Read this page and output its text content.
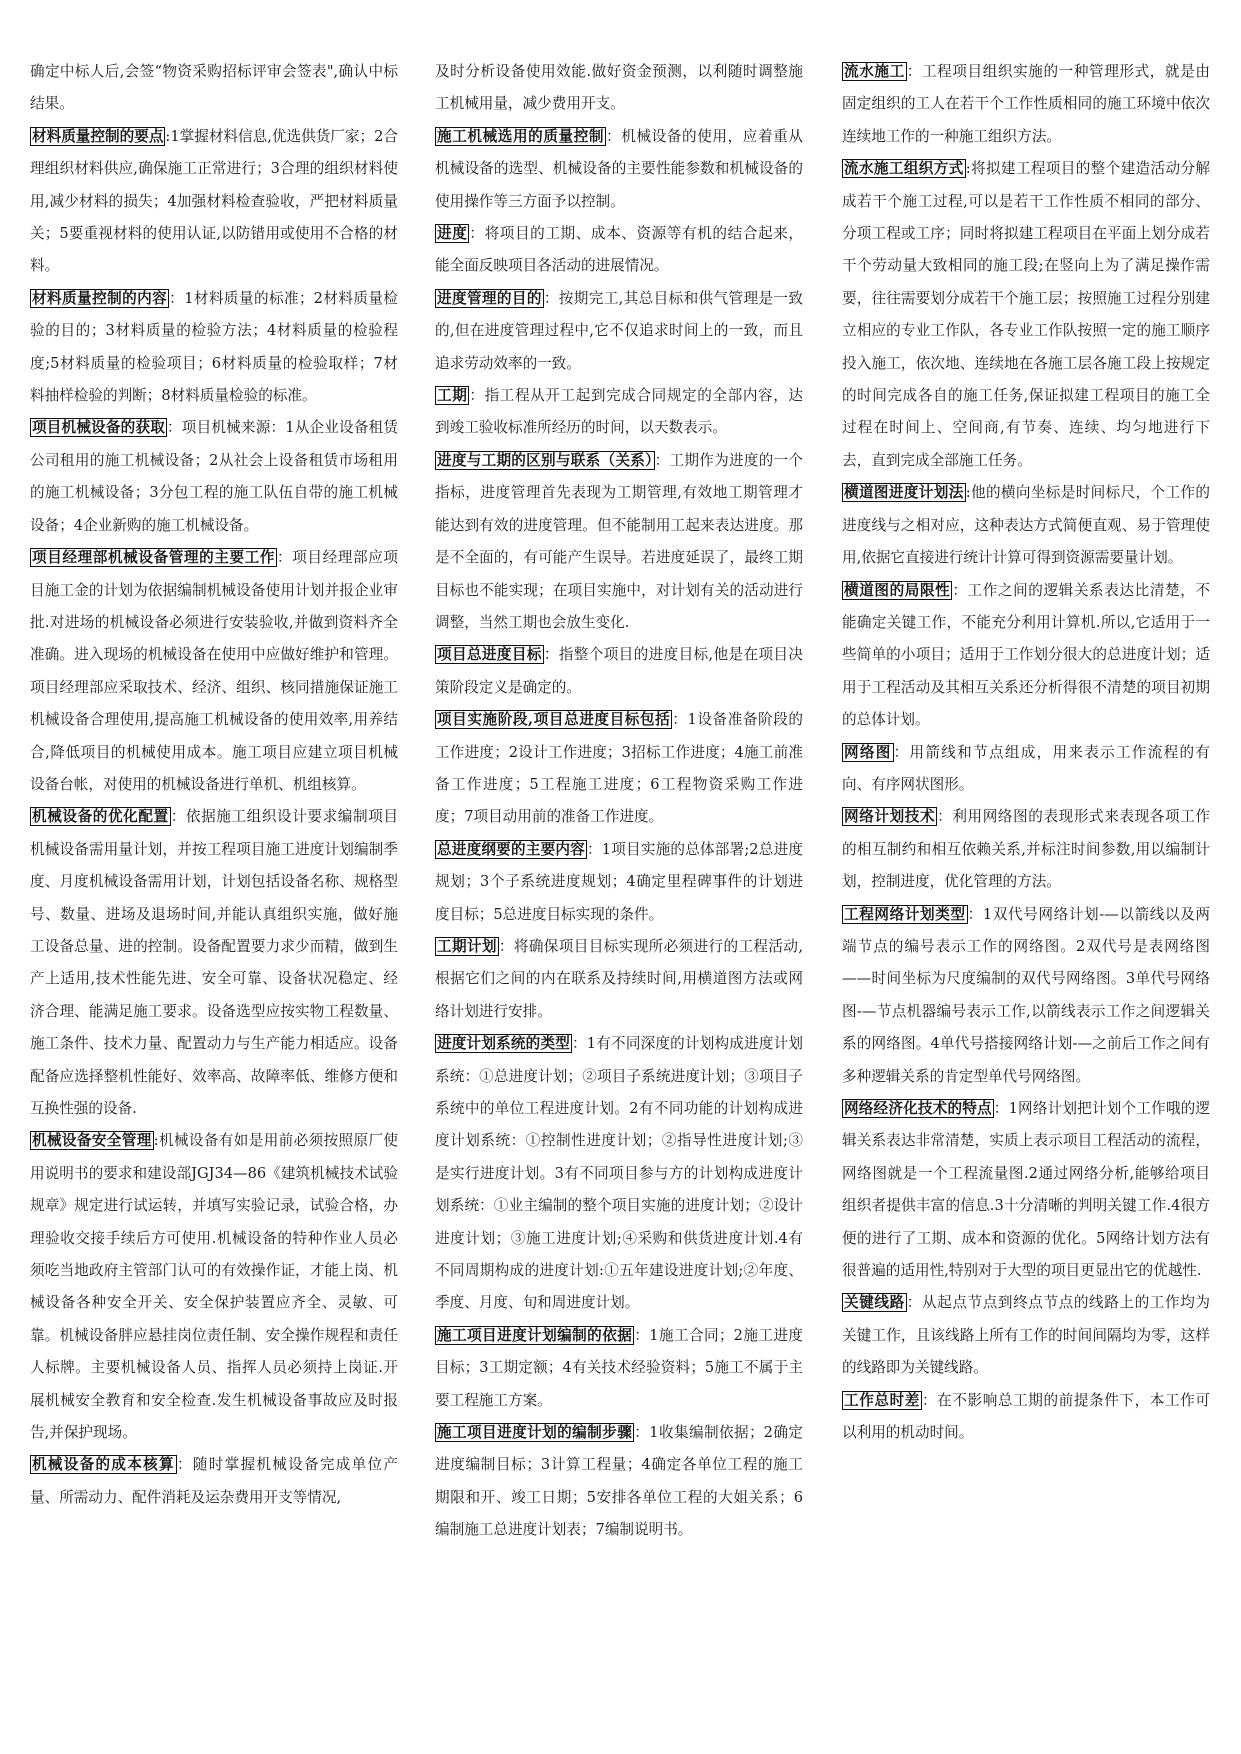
确定中标人后,会签“物资采购招标评审会签表",确认中标结果。

材料质量控制的要点 :1掌握材料信息,优选供货厂家；2合理组织材料供应,确保施工正常进行；3合理的组织材料使用,减少材料的损失；4加强材料检查验收，严把材料质量关；5要重视材料的使用认证,以防错用或使用不合格的材料。

材料质量控制的内容 ：1材料质量的标准；2材料质量检验的目的；3材料质量的检验方法；4材料质量的检验程度;5材料质量的检验项目；6材料质量的检验取样；7材料抽样检验的判断；8材料质量检验的标准。

项目机械设备的获取 ：项目机械来源：1从企业设备租赁公司租用的施工机械设备；2从社会上设备租赁市场租用的施工机械设备；3分包工程的施工队伍自带的施工机械设备；4企业新购的施工机械设备。

项目经理部机械设备管理的主要工作 ：项目经理部应项目施工金的计划为依据编制机械设备使用计划并报企业审批.对进场的机械设备必须进行安装验收,并做到资料齐全准确。进入现场的机械设备在使用中应做好维护和管理。项目经理部应采取技术、经济、组织、核同措施保证施工机械设备合理使用,提高施工机械设备的使用效率,用养结合,降低项目的机械使用成本。施工项目应建立项目机械设备台帐，对使用的机械设备进行单机、机组核算。

机械设备的优化配置 ：依据施工组织设计要求编制项目机械设备需用量计划，并按工程项目施工进度计划编制季度、月度机械设备需用计划，计划包括设备名称、规格型号、数量、进场及退场时间,并能认真组织实施，做好施工设备总量、进的控制。设备配置要力求少而精，做到生产上适用,技术性能先进、安全可靠、设备状况稳定、经济合理、能满足施工要求。设备选型应按实物工程数量、施工条件、技术力量、配置动力与生产能力相适应。设备配备应选择整机性能好、效率高、故障率低、维修方便和互换性强的设备.

机械设备安全管理 :机械设备有如是用前必须按照原厂使用说明书的要求和建设部JGJ34—86《建筑机械技术试验规章》规定进行试运转，并填写实验记录，试验合格，办理验收交接手续后方可使用.机械设备的特种作业人员必须吃当地政府主管部门认可的有效操作证，才能上岗、机械设备各种安全开关、安全保护装置应齐全、灵敏、可靠。机械设备胖应悬挂岗位责任制、安全操作规程和责任人标牌。主要机械设备人员、指挥人员必须持上岗证.开展机械安全教育和安全检查.发生机械设备事故应及时报告,并保护现场。

机械设备的成本核算 ：随时掌握机械设备完成单位产量、所需动力、配件消耗及运杂费用开支等情况,

及时分析设备使用效能.做好资金预测，以利随时调整施工机械用量，减少费用开支。

施工机械选用的质量控制 ：机械设备的使用，应着重从机械设备的选型、机械设备的主要性能参数和机械设备的使用操作等三方面予以控制。

进度 ：将项目的工期、成本、资源等有机的结合起来，能全面反映项目各活动的进展情况。

进度管理的目的 ：按期完工,其总目标和供气管理是一致的,但在进度管理过程中,它不仅追求时间上的一致，而且追求劳动效率的一致。

工期 ：指工程从开工起到完成合同规定的全部内容，达到竣工验收标准所经历的时间，以天数表示。

进度与工期的区别与联系（关系） ：工期作为进度的一个指标，进度管理首先表现为工期管理,有效地工期管理才能达到有效的进度管理。但不能制用工起来表达进度。那是不全面的，有可能产生误导。若进度延误了，最终工期目标也不能实现；在项目实施中，对计划有关的活动进行调整，当然工期也会放生变化.

项目总进度目标 ：指整个项目的进度目标,他是在项目决策阶段定义是确定的。

项目实施阶段,项目总进度目标包括 ：1设备准备阶段的工作进度；2设计工作进度；3招标工作进度；4施工前准备工作进度；5工程施工进度；6工程物资采购工作进度；7项目动用前的准备工作进度。

总进度纲要的主要内容 ：1项目实施的总体部署;2总进度规划；3个子系统进度规划；4确定里程碑事件的计划进度目标；5总进度目标实现的条件。

工期计划 ：将确保项目目标实现所必须进行的工程活动,根据它们之间的内在联系及持续时间,用横道图方法或网络计划进行安排。

进度计划系统的类型 ：1有不同深度的计划构成进度计划系统：①总进度计划；②项目子系统进度计划；③项目子系统中的单位工程进度计划。2有不同功能的计划构成进度计划系统：①控制性进度计划；②指导性进度计划;③是实行进度计划。3有不同项目参与方的计划构成进度计划系统：①业主编制的整个项目实施的进度计划；②设计进度计划；③施工进度计划;④采购和供货进度计划.4有不同周期构成的进度计划:①五年建设进度计划;②年度、季度、月度、旬和周进度计划。

施工项目进度计划编制的依据 ：1施工合同；2施工进度目标；3工期定额；4有关技术经验资料；5施工不属于主要工程施工方案。

施工项目进度计划的编制步骤 ：1收集编制依据；2确定进度编制目标；3计算工程量；4确定各单位工程的施工期限和开、竣工日期；5安排各单位工程的大姐关系；6编制施工总进度计划表；7编制说明书。

流水施工 ：工程项目组织实施的一种管理形式，就是由固定组织的工人在若干个工作性质相同的施工环境中依次连续地工作的一种施工组织方法。

流水施工组织方式 :将拟建工程项目的整个建造活动分解成若干个施工过程,可以是若干工作性质不相同的部分、分项工程或工序；同时将拟建工程项目在平面上划分成若干个劳动量大致相同的施工段;在竖向上为了满足操作需要，往往需要划分成若干个施工层；按照施工过程分别建立相应的专业工作队，各专业工作队按照一定的施工顺序投入施工，依次地、连续地在各施工层各施工段上按规定的时间完成各自的施工任务,保证拟建工程项目的施工全过程在时间上、空间商,有节奏、连续、均匀地进行下去，直到完成全部施工任务。

横道图进度计划法 :他的横向坐标是时间标尺，个工作的进度线与之相对应，这种表达方式简便直观、易于管理使用,依据它直接进行统计计算可得到资源需要量计划。

横道图的局限性 ：工作之间的逻辑关系表达比清楚，不能确定关键工作，不能充分利用计算机.所以,它适用于一些简单的小项目；适用于工作划分很大的总进度计划；适用于工程活动及其相互关系还分析得很不清楚的项目初期的总体计划。

网络图 ：用箭线和节点组成，用来表示工作流程的有向、有序网状图形。

网络计划技术 ：利用网络图的表现形式来表现各项工作的相互制约和相互依赖关系,并标注时间参数,用以编制计划，控制进度，优化管理的方法。

工程网络计划类型 ：1双代号网络计划-—以箭线以及两端节点的编号表示工作的网络图。2双代号是表网络图——时间坐标为尺度编制的双代号网络图。3单代号网络图-—节点机器编号表示工作,以箭线表示工作之间逻辑关系的网络图。4单代号搭接网络计划-—之前后工作之间有多种逻辑关系的肯定型单代号网络图。

网络经济化技术的特点 ：1网络计划把计划个工作哦的逻辑关系表达非常清楚，实质上表示项目工程活动的流程，网络图就是一个工程流量图.2通过网络分析,能够给项目组织者提供丰富的信息.3十分清晰的判明关键工作.4很方便的进行了工期、成本和资源的优化。5网络计划方法有很普遍的适用性,特别对于大型的项目更显出它的优越性.

关键线路 ：从起点节点到终点节点的线路上的工作均为关键工作，且该线路上所有工作的时间间隔均为零，这样的线路即为关键线路。

工作总时差 ：在不影响总工期的前提条件下，本工作可以利用的机动时间。
